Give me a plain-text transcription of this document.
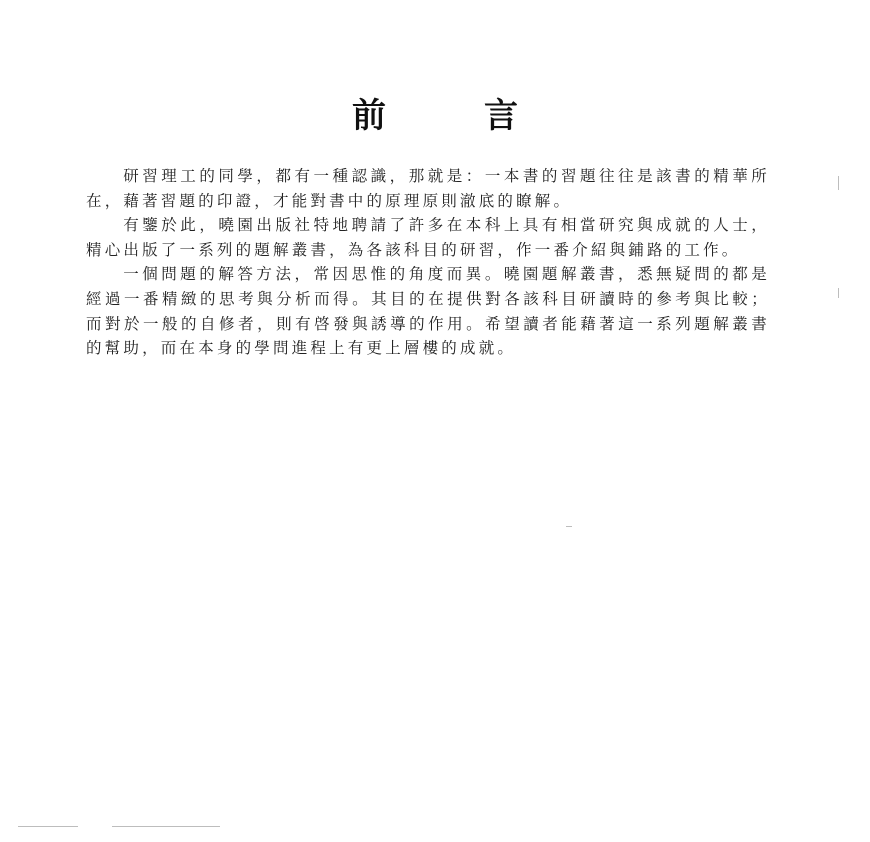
前	言

研習理工的同學，都有一種認識，那就是：一本書的習題往往是該書的精華所在，藉著習題的印證，才能對書中的原理原則澈底的瞭解。

有鑒於此，曉園出版社特地聘請了許多在本科上具有相當研究與成就的人士，精心出版了一系列的題解叢書，為各該科目的研習，作一番介紹與鋪路的工作。

一個問題的解答方法，常因思惟的角度而異。曉園題解叢書，悉無疑問的都是經過一番精緻的思考與分析而得。其目的在提供對各該科目研讀時的參考與比較；而對於一般的自修者，則有啓發與誘導的作用。希望讀者能藉著這一系列題解叢書的幫助，而在本身的學問進程上有更上層樓的成就。
